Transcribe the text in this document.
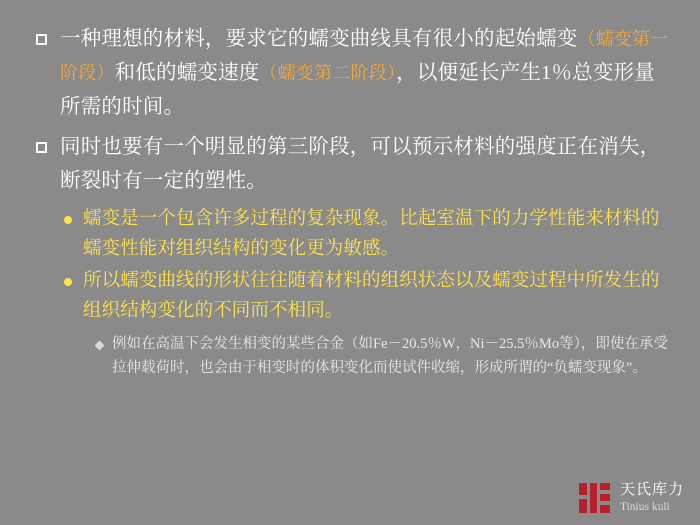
一种理想的材料，要求它的蠕变曲线具有很小的起始蠕变（蠕变第一阶段）和低的蠕变速度（蠕变第二阶段），以便延长产生1％总变形量所需的时间。
同时也要有一个明显的第三阶段，可以预示材料的强度正在消失，断裂时有一定的塑性。
蠕变是一个包含许多过程的复杂现象。比起室温下的力学性能来材料的蠕变性能对组织结构的变化更为敏感。
所以蠕变曲线的形状往往随着材料的组织状态以及蠕变过程中所发生的组织结构变化的不同而不相同。
例如在高温下会发生相变的某些合金（如Fe－20.5％W，Ni－25.5％Mo等），即使在承受拉伸载荷时，也会由于相变时的体积变化而使试件收缩，形成所谓的“负蠕变现象”。
天氏库力
Tinius kuli
